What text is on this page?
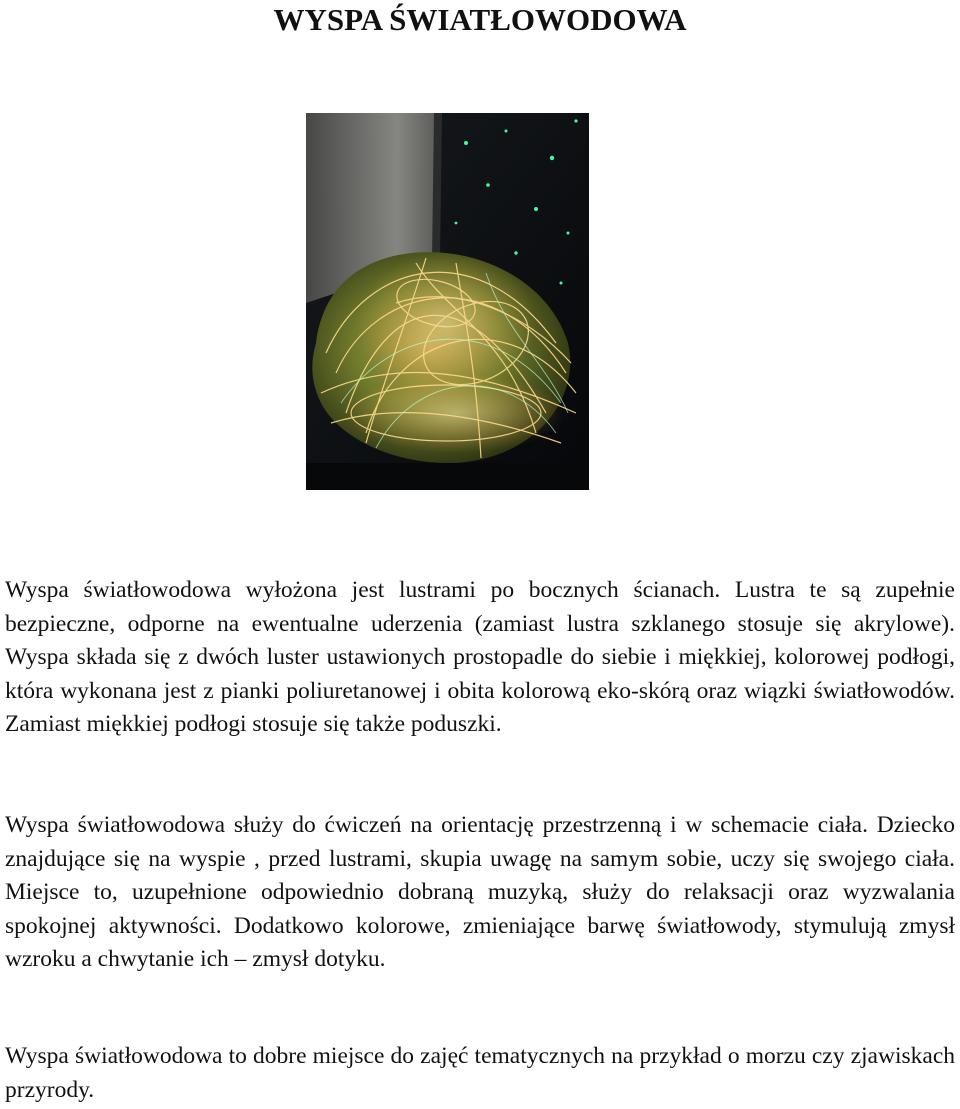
WYSPA ŚWIATŁOWODOWA

Wyspa światłowodowa wyłożona jest lustrami po bocznych ścianach. Lustra te są zupełnie bezpieczne, odporne na ewentualne uderzenia (zamiast lustra szklanego stosuje się akrylowe). Wyspa składa się z dwóch luster ustawionych prostopadle do siebie i miękkiej, kolorowej podłogi, która wykonana jest z pianki poliuretanowej i obita kolorową eko-skórą oraz wiązki światłowodów. Zamiast miękkiej podłogi stosuje się także poduszki.

Wyspa światłowodowa służy do ćwiczeń na orientację przestrzenną i w schemacie ciała. Dziecko znajdujące się na wyspie , przed lustrami, skupia uwagę na samym sobie, uczy się swojego ciała. Miejsce to, uzupełnione odpowiednio dobraną muzyką, służy do relaksacji oraz wyzwalania spokojnej aktywności. Dodatkowo kolorowe, zmieniające barwę światłowody, stymulują zmysł wzroku a chwytanie ich – zmysł dotyku.

Wyspa światłowodowa to dobre miejsce do zajęć tematycznych na przykład o morzu czy zjawiskach przyrody.
